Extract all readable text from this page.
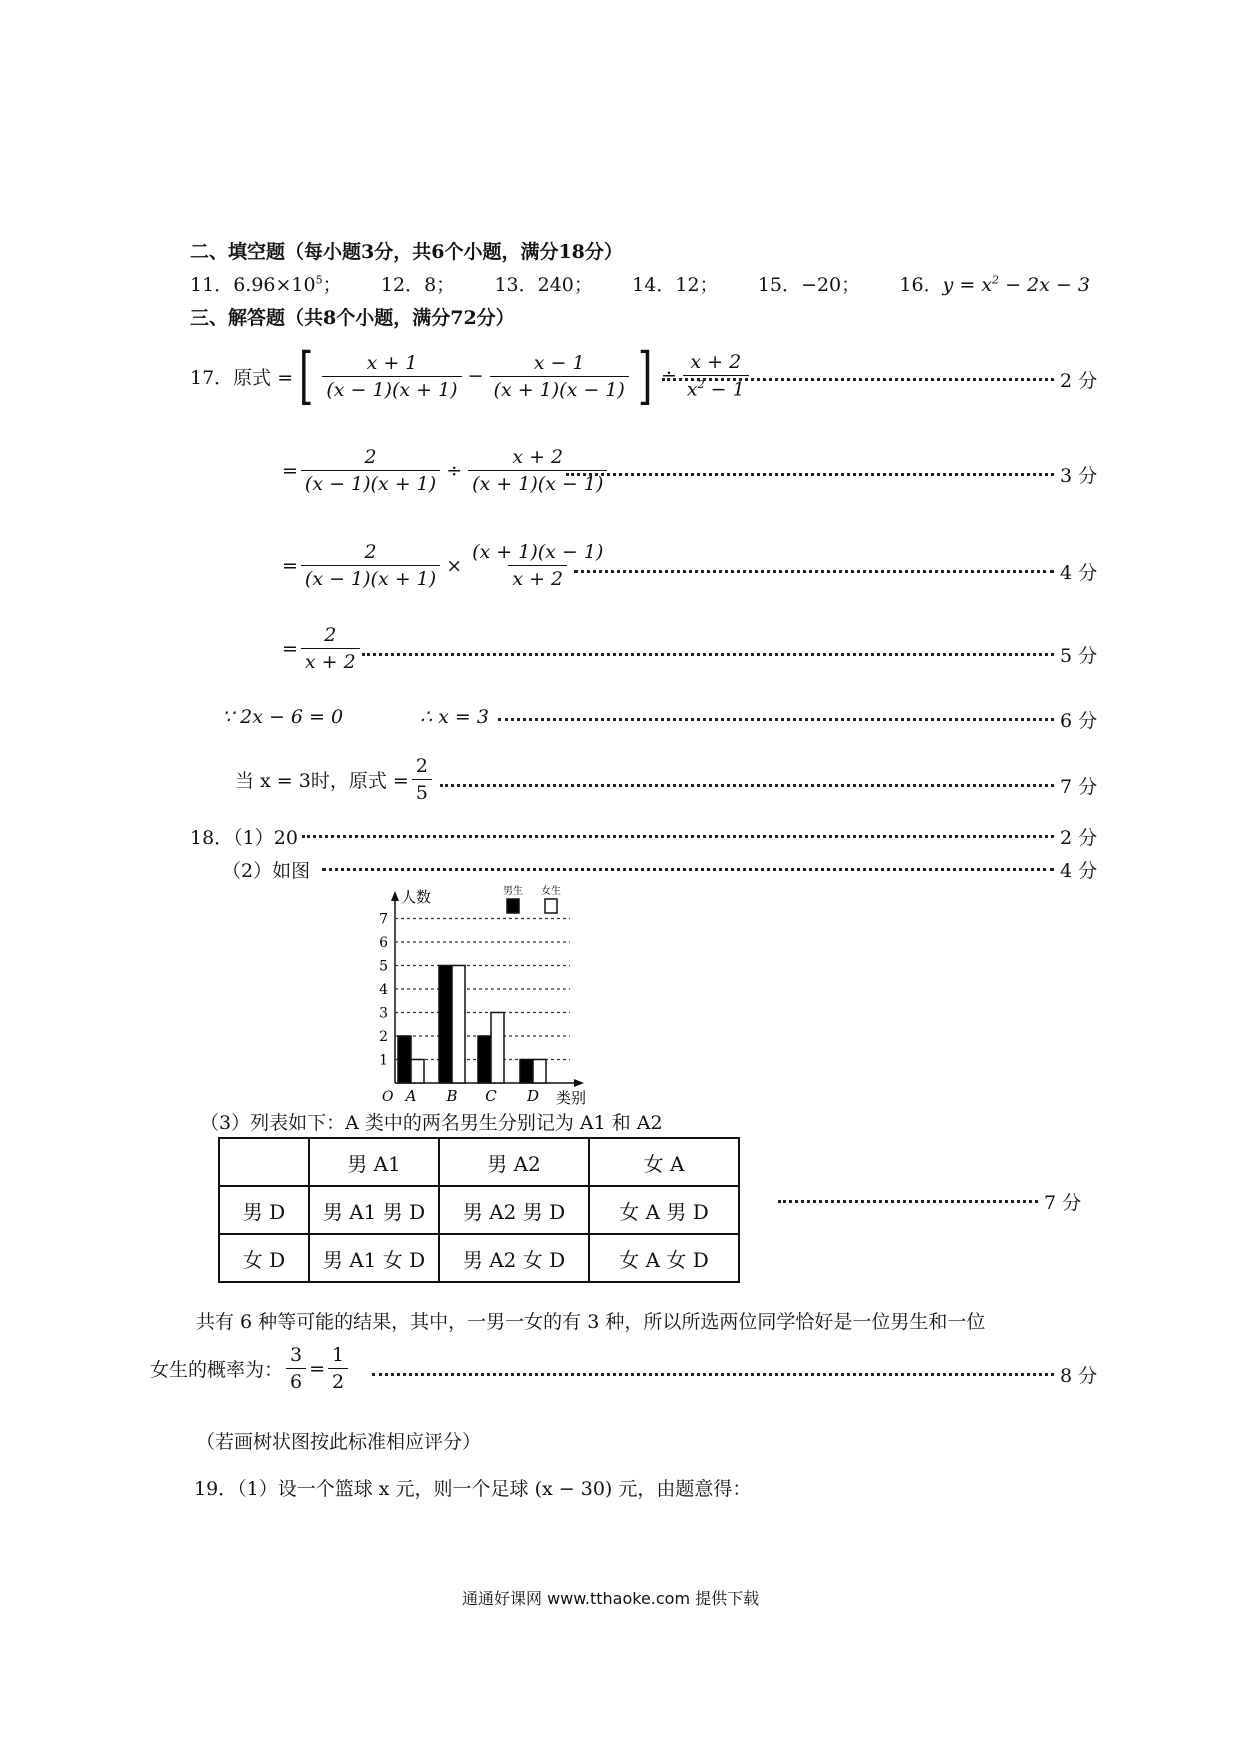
二、填空题（每小题3分，共6个小题，满分18分）
11．$6.96\times 10^5$； 12．8； 13．240； 14．12； 15．−20； 16．$y = x^2 - 2x - 3$
三、解答题（共8个小题，满分72分）
17．原式 = [ $\frac{x + 1}{(x - 1)(x + 1)} - \frac{x - 1}{(x + 1)(x - 1)}$ ] ÷ $\frac{x + 2}{x^2 - 1}$	2 分
= $\frac{2}{(x - 1)(x + 1)} \div \frac{x + 2}{(x + 1)(x - 1)}$	3 分
= $\frac{2}{(x - 1)(x + 1)} \times \frac{(x + 1)(x - 1)}{x + 2}$	4 分
= $\frac{2}{x + 2}$	5 分
∵ 2x − 6 = 0	∴ x = 3	6 分
当 x = 3时，原式 = $\frac{2}{5}$	7 分
18．（1）20	2 分
（2）如图	4 分
1
2
3
4
5
6
7
O
人数
类别
A B C D
男生 女生
（3）列表如下：A 类中的两名男生分别记为 A1 和 A2
	男 A1	男 A2	女 A
男 D	男 A1 男 D	男 A2 男 D	女 A 男 D
女 D	男 A1 女 D	男 A2 女 D	女 A 女 D
7 分
共有 6 种等可能的结果，其中，一男一女的有 3 种，所以所选两位同学恰好是一位男生和一位
女生的概率为： $\frac{3}{6} = \frac{1}{2}$	8 分
（若画树状图按此标准相应评分）
19．（1）设一个篮球 x 元，则一个足球 (x − 30) 元，由题意得：
通通好课网 www.tthaoke.com 提供下载
